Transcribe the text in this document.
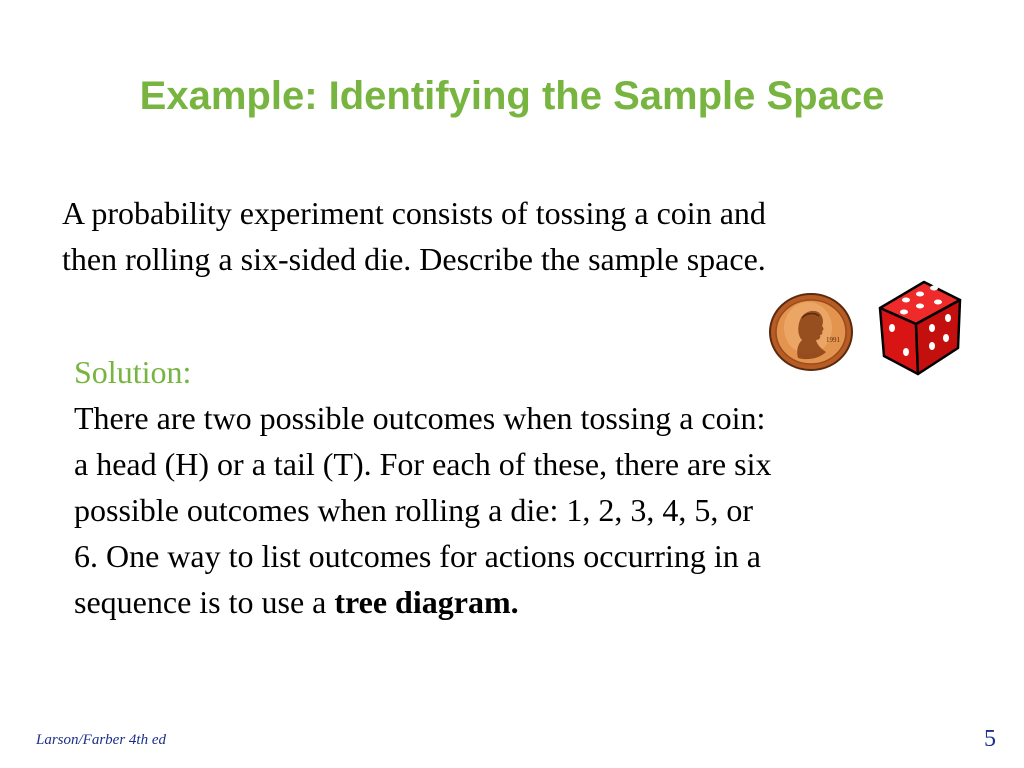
Example: Identifying the Sample Space
A probability experiment consists of tossing a coin and
then rolling a six-sided die. Describe the sample space.
1991
Solution:
There are two possible outcomes when tossing a coin:
a head (H) or a tail (T). For each of these, there are six
possible outcomes when rolling a die: 1, 2, 3, 4, 5, or
6. One way to list outcomes for actions occurring in a
sequence is to use a tree diagram.
Larson/Farber 4th ed	5
